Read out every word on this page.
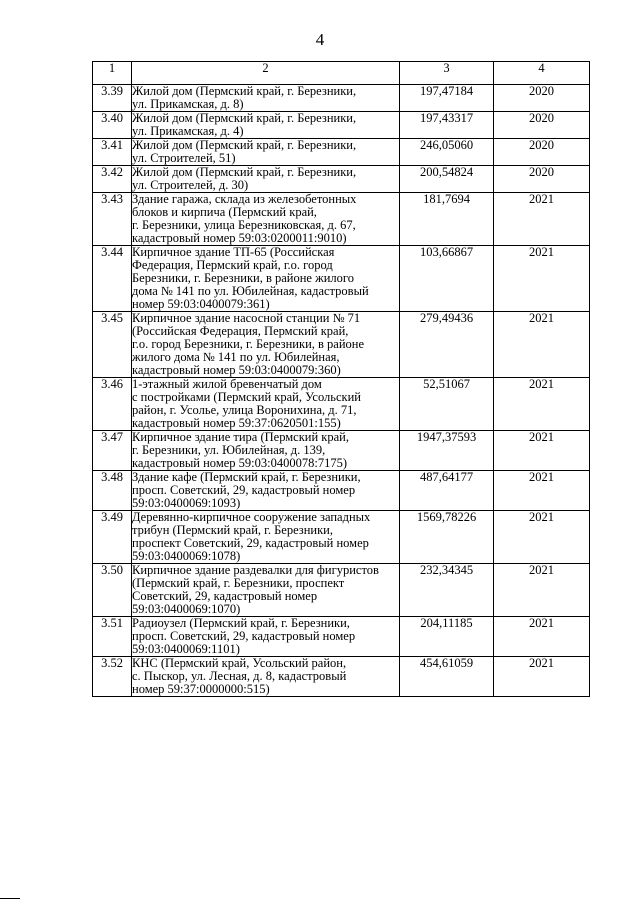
4
1	2	3	4
3.39	Жилой дом (Пермский край, г. Березники,
ул. Прикамская, д. 8)	197,47184	2020
3.40	Жилой дом (Пермский край, г. Березники,
ул. Прикамская, д. 4)	197,43317	2020
3.41	Жилой дом (Пермский край, г. Березники,
ул. Строителей, 51)	246,05060	2020
3.42	Жилой дом (Пермский край, г. Березники,
ул. Строителей, д. 30)	200,54824	2020
3.43	Здание гаража, склада из железобетонных
блоков и кирпича (Пермский край,
г. Березники, улица Березниковская, д. 67,
кадастровый номер 59:03:0200011:9010)	181,7694	2021
3.44	Кирпичное здание ТП-65 (Российская
Федерация, Пермский край, г.о. город
Березники, г. Березники, в районе жилого
дома № 141 по ул. Юбилейная, кадастровый
номер 59:03:0400079:361)	103,66867	2021
3.45	Кирпичное здание насосной станции № 71
(Российская Федерация, Пермский край,
г.о. город Березники, г. Березники, в районе
жилого дома № 141 по ул. Юбилейная,
кадастровый номер 59:03:0400079:360)	279,49436	2021
3.46	1-этажный жилой бревенчатый дом
с постройками (Пермский край, Усольский
район, г. Усолье, улица Воронихина, д. 71,
кадастровый номер 59:37:0620501:155)	52,51067	2021
3.47	Кирпичное здание тира (Пермский край,
г. Березники, ул. Юбилейная, д. 139,
кадастровый номер 59:03:0400078:7175)	1947,37593	2021
3.48	Здание кафе (Пермский край, г. Березники,
просп. Советский, 29, кадастровый номер
59:03:0400069:1093)	487,64177	2021
3.49	Деревянно-кирпичное сооружение западных
трибун (Пермский край, г. Березники,
проспект Советский, 29, кадастровый номер
59:03:0400069:1078)	1569,78226	2021
3.50	Кирпичное здание раздевалки для фигуристов
(Пермский край, г. Березники, проспект
Советский, 29, кадастровый номер
59:03:0400069:1070)	232,34345	2021
3.51	Радиоузел (Пермский край, г. Березники,
просп. Советский, 29, кадастровый номер
59:03:0400069:1101)	204,11185	2021
3.52	КНС (Пермский край, Усольский район,
с. Пыскор, ул. Лесная, д. 8, кадастровый
номер 59:37:0000000:515)	454,61059	2021
